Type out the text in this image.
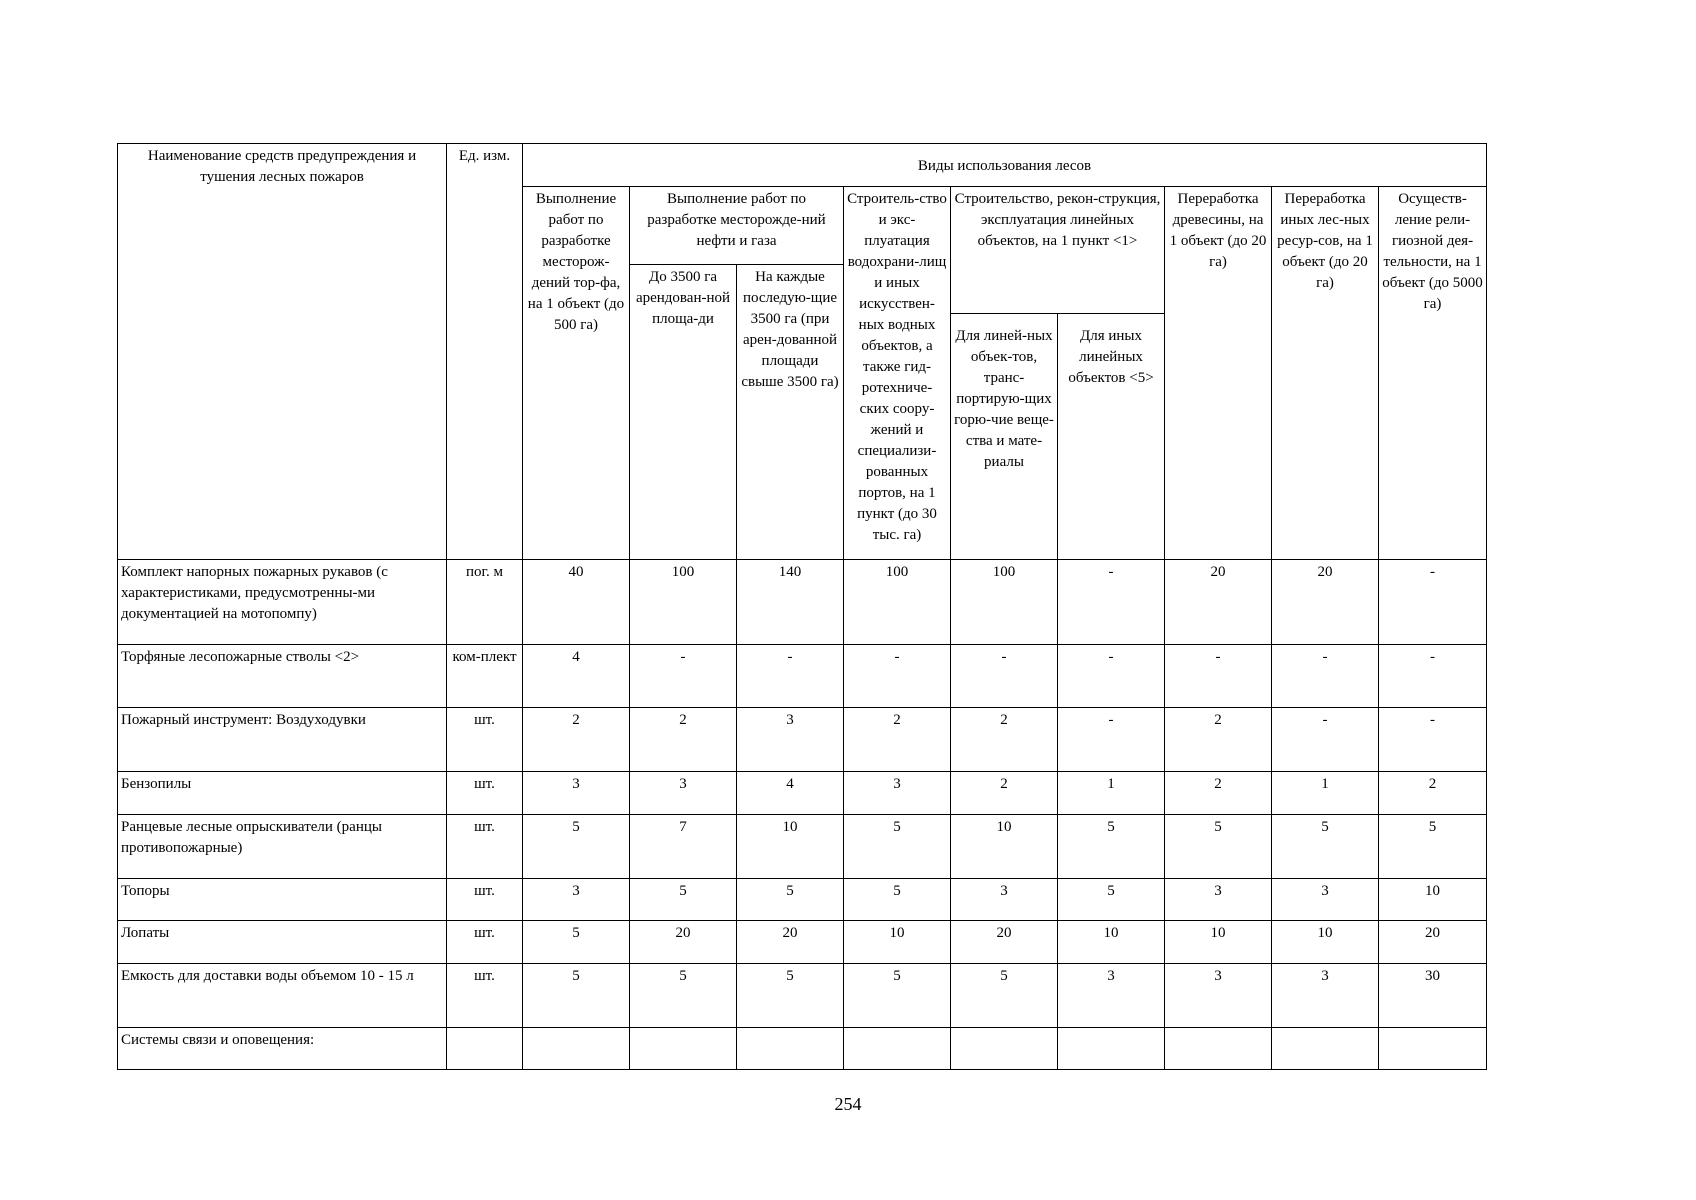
Наименование средств предупреждения и тушения лесных пожаров	Ед. изм.	Виды использования лесов								
		Выполнение работ по разработке месторож-дений тор-фа, на 1 объект (до 500 га)	Выполнение работ по разработке месторожде-ний нефти и газа		Строитель-ство и экс-плуатация водохрани-лищ и иных искусствен-ных водных объектов, а также гид-ротехниче-ских соору-жений и специализи-рованных портов, на 1 пункт (до 30 тыс. га)	Строительство, рекон-струкция, эксплуатация линейных объектов, на 1 пункт <1>		Переработка древесины, на 1 объект (до 20 га)	Переработка иных лес-ных ресур-сов, на 1 объект (до 20 га)	Осуществ-ление рели-гиозной дея-тельности, на 1 объект (до 5000 га)
			До 3500 га арендован-ной площа-ди	На каждые последую-щие 3500 га (при арен-дованной площади свыше 3500 га)						
						Для линей-ных объек-тов, транс-портирую-щих горю-чие веще-ства и мате-риалы	Для иных линейных объектов <5>			
Комплект напорных пожарных рукавов (с характеристиками, предусмотренны-ми документацией на мотопомпу)	пог. м	40	100	140	100	100	-	20	20	-
Торфяные лесопожарные стволы <2>	ком-плект	4	-	-	-	-	-	-	-	-
Пожарный инструмент: Воздуходувки	шт.	2	2	3	2	2	-	2	-	-
Бензопилы	шт.	3	3	4	3	2	1	2	1	2
Ранцевые лесные опрыскиватели (ранцы противопожарные)	шт.	5	7	10	5	10	5	5	5	5
Топоры	шт.	3	5	5	5	3	5	3	3	10
Лопаты	шт.	5	20	20	10	20	10	10	10	20
Емкость для доставки воды объемом 10 - 15 л	шт.	5	5	5	5	5	3	3	3	30
Системы связи и оповещения:										
254
